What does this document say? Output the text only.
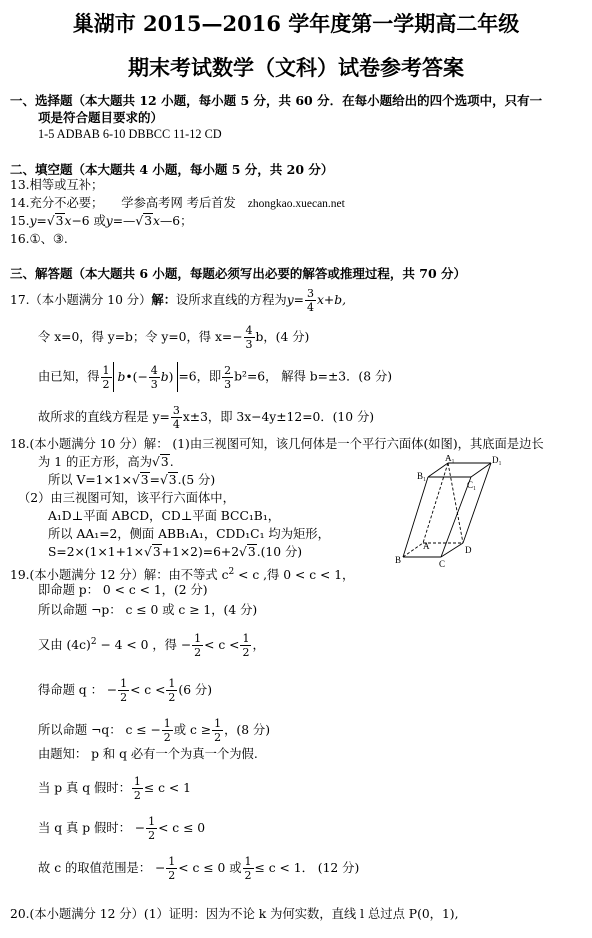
巢湖市 2015—2016 学年度第一学期高二年级
期末考试数学（文科）试卷参考答案
一、选择题（本大题共 12 小题，每小题 5 分，共 60 分．在每小题给出的四个选项中，只有一
项是符合题目要求的）
1-5 ADBAB 6-10 DBBCC 11-12 CD
二、填空题（本大题共 4 小题，每小题 5 分，共 20 分）
13.相等或互补；
14.充分不必要； 学参高考网 考后首发 zhongkao.xuecan.net
15.y=√3x−6 或y=—√3x—6；
16.①、③.
三、解答题（本大题共 6 小题，每题必须写出必要的解答或推理过程，共 70 分）
17.（本小题满分 10 分）解：设所求直线的方程为$y= \frac{3}{4} x+b$,
令 x=0，得 y=b；令 y=0，得 $x=- \frac{4}{3}$ b，(4 分)
由已知，得 $\frac{1}{2}$ b•(− $\frac{4}{3} b) =6$，即 $\frac{2}{3} b^2=6$， 解得 b=±3．(8 分)
故所求的直线方程是 $y= \frac{3}{4} x\pm 3$，即 3x−4y±12=0．(10 分)
18.(本小题满分 10 分）解： (1)由三视图可知，该几何体是一个平行六面体(如图)，其底面是边长
为 1 的正方形，高为√3.
所以 V=1×1×√3=√3.(5 分)
（2）由三视图可知，该平行六面体中，
A₁D⊥平面 ABCD，CD⊥平面 BCC₁B₁，
所以 AA₁=2，侧面 ABB₁A₁，CDD₁C₁ 均为矩形，
S=2×(1×1+1×√3+1×2)=6+2√3.(10 分)
A₁	D₁
B₁
C₁
A
B	C
D
19.(本小题满分 12 分）解：由不等式 $c^2 < c$ ,得 0 < c < 1，
即命题 p： 0 < c < 1，(2 分)
所以命题 ¬p： c ≤ 0 或 c ≥ 1，(4 分)
又由 $(4c)^2 - 4 < 0$ ，得 − $\frac{1}{2} < c < \frac{1}{2}$ ，
得命题 q ： − $\frac{1}{2} < c < \frac{1}{2} (6$ 分)
所以命题 ¬q： c ≤ − $\frac{1}{2}$ 或 $c \ge \frac{1}{2}$ ，(8 分)
由题知： p 和 q 必有一个为真一个为假.
当 p 真 q 假时： $\frac{1}{2} \le c < 1$
当 q 真 p 假时： − $\frac{1}{2} < c \le 0$
故 c 的取值范围是： − $\frac{1}{2} < c \le 0$ 或 $\frac{1}{2} \le c < 1$． (12 分)
20.(本小题满分 12 分）(1）证明：因为不论 k 为何实数，直线 l 总过点 P(0，1),
